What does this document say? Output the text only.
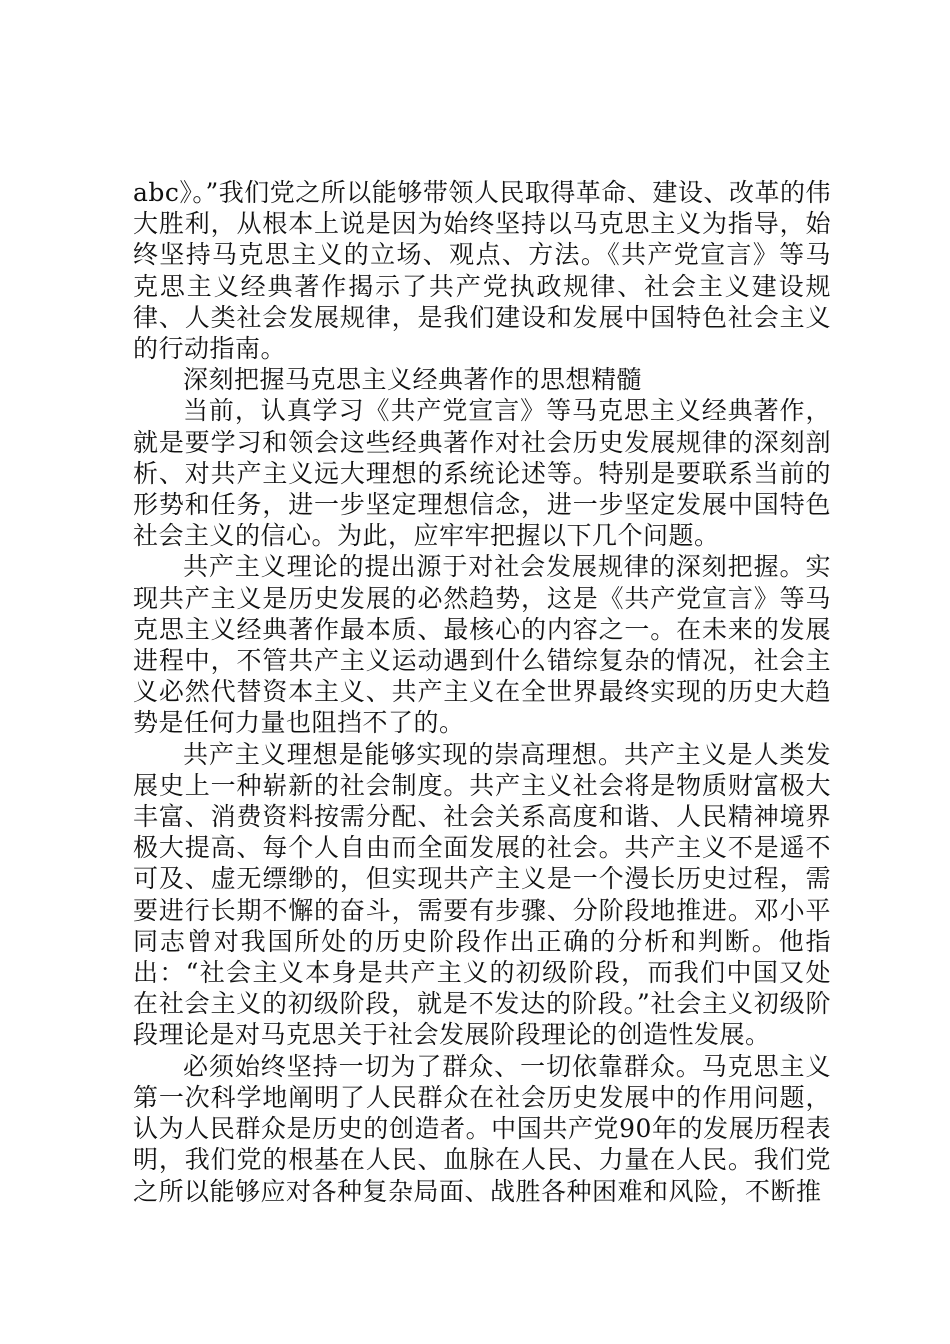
abc》。”我们党之所以能够带领人民取得革命、建设、改革的伟大胜利，从根本上说是因为始终坚持以马克思主义为指导，始终坚持马克思主义的立场、观点、方法。《共产党宣言》等马克思主义经典著作揭示了共产党执政规律、社会主义建设规律、人类社会发展规律，是我们建设和发展中国特色社会主义的行动指南。

深刻把握马克思主义经典著作的思想精髓

当前，认真学习《共产党宣言》等马克思主义经典著作，就是要学习和领会这些经典著作对社会历史发展规律的深刻剖析、对共产主义远大理想的系统论述等。特别是要联系当前的形势和任务，进一步坚定理想信念，进一步坚定发展中国特色社会主义的信心。为此，应牢牢把握以下几个问题。

共产主义理论的提出源于对社会发展规律的深刻把握。实现共产主义是历史发展的必然趋势，这是《共产党宣言》等马克思主义经典著作最本质、最核心的内容之一。在未来的发展进程中，不管共产主义运动遇到什么错综复杂的情况，社会主义必然代替资本主义、共产主义在全世界最终实现的历史大趋势是任何力量也阻挡不了的。

共产主义理想是能够实现的崇高理想。共产主义是人类发展史上一种崭新的社会制度。共产主义社会将是物质财富极大丰富、消费资料按需分配、社会关系高度和谐、人民精神境界极大提高、每个人自由而全面发展的社会。共产主义不是遥不可及、虚无缥缈的，但实现共产主义是一个漫长历史过程，需要进行长期不懈的奋斗，需要有步骤、分阶段地推进。邓小平同志曾对我国所处的历史阶段作出正确的分析和判断。他指出：“社会主义本身是共产主义的初级阶段，而我们中国又处在社会主义的初级阶段，就是不发达的阶段。”社会主义初级阶段理论是对马克思关于社会发展阶段理论的创造性发展。

必须始终坚持一切为了群众、一切依靠群众。马克思主义第一次科学地阐明了人民群众在社会历史发展中的作用问题，认为人民群众是历史的创造者。中国共产党90年的发展历程表明，我们党的根基在人民、血脉在人民、力量在人民。我们党之所以能够应对各种复杂局面、战胜各种困难和风险，不断推
